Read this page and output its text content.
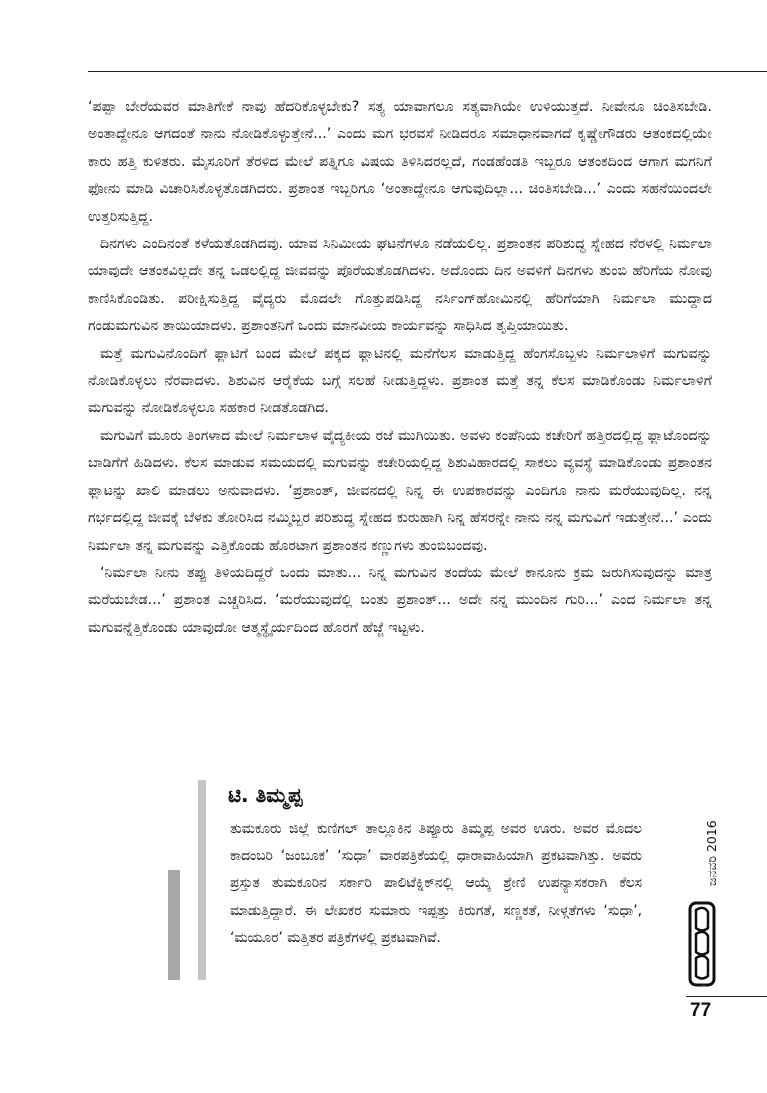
‘ಪಪ್ಪಾ ಬೇರೆಯವರ ಮಾತಿಗೇಕೆ ನಾವು ಹೆದರಿಕೊಳ್ಳಬೇಕು? ಸತ್ಯ ಯಾವಾಗಲೂ ಸತ್ಯವಾಗಿಯೇ ಉಳಿಯುತ್ತದೆ. ನೀವೇನೂ ಚಿಂತಿಸಬೇಡಿ. ಅಂತಾದ್ದೇನೂ ಆಗದಂತೆ ನಾನು ನೋಡಿಕೊಳ್ಳುತ್ತೇನೆ...’ ಎಂದು ಮಗ ಭರವಸೆ ನೀಡಿದರೂ ಸಮಾಧಾನವಾಗದೆ ಕೃಷ್ಣೇಗೌಡರು ಆತಂಕದಲ್ಲಿಯೇ ಕಾರು ಹತ್ತಿ ಕುಳಿತರು. ಮೈಸೂರಿಗೆ ತೆರಳಿದ ಮೇಲೆ ಪತ್ನಿಗೂ ವಿಷಯ ತಿಳಿಸಿದರಲ್ಲದೆ, ಗಂಡಹೆಂಡತಿ ಇಬ್ಬರೂ ಆತಂಕದಿಂದ ಆಗಾಗ ಮಗನಿಗೆ ಫೋನು ಮಾಡಿ ವಿಚಾರಿಸಿಕೊಳ್ಳತೊಡಗಿದರು. ಪ್ರಶಾಂತ ಇಬ್ಬರಿಗೂ ‘ಅಂತಾದ್ದೇನೂ ಆಗುವುದಿಲ್ಲಾ... ಚಿಂತಿಸಬೇಡಿ...’ ಎಂದು ಸಹನೆಯಿಂದಲೇ ಉತ್ತರಿಸುತ್ತಿದ್ದ.

ದಿನಗಳು ಎಂದಿನಂತೆ ಕಳೆಯತೊಡಗಿದವು. ಯಾವ ಸಿನಿಮೀಯ ಘಟನೆಗಳೂ ನಡೆಯಲಿಲ್ಲ. ಪ್ರಶಾಂತನ ಪರಿಶುದ್ಧ ಸ್ನೇಹದ ನೆರಳಲ್ಲಿ ನಿರ್ಮಲಾ ಯಾವುದೇ ಆತಂಕವಿಲ್ಲದೇ ತನ್ನ ಒಡಲಲ್ಲಿದ್ದ ಜೀವವನ್ನು ಪೊರೆಯತೊಡಗಿದಳು. ಅದೊಂದು ದಿನ ಅವಳಿಗೆ ದಿನಗಳು ತುಂಬಿ ಹೆರಿಗೆಯ ನೋವು ಕಾಣಿಸಿಕೊಂಡಿತು. ಪರೀಕ್ಷಿಸುತ್ತಿದ್ದ ವೈದ್ಯರು ಮೊದಲೇ ಗೊತ್ತುಪಡಿಸಿದ್ದ ನರ್ಸಿಂಗ್‌ಹೋಮಿನಲ್ಲಿ ಹೆರಿಗೆಯಾಗಿ ನಿರ್ಮಲಾ ಮುದ್ದಾದ ಗಂಡುಮಗುವಿನ ತಾಯಿಯಾದಳು. ಪ್ರಶಾಂತನಿಗೆ ಒಂದು ಮಾನವೀಯ ಕಾರ್ಯವನ್ನು ಸಾಧಿಸಿದ ತೃಪ್ತಿಯಾಯಿತು.

ಮತ್ತೆ ಮಗುವಿನೊಂದಿಗೆ ಫ್ಲಾಟಿಗೆ ಬಂದ ಮೇಲೆ ಪಕ್ಕದ ಫ್ಲಾಟಿನಲ್ಲಿ ಮನೆಗೆಲಸ ಮಾಡುತ್ತಿದ್ದ ಹೆಂಗಸೊಬ್ಬಳು ನಿರ್ಮಲಾಳಿಗೆ ಮಗುವನ್ನು ನೋಡಿಕೊಳ್ಳಲು ನೆರವಾದಳು. ಶಿಶುವಿನ ಆರೈಕೆಯ ಬಗ್ಗೆ ಸಲಹೆ ನೀಡುತ್ತಿದ್ದಳು. ಪ್ರಶಾಂತ ಮತ್ತೆ ತನ್ನ ಕೆಲಸ ಮಾಡಿಕೊಂಡು ನಿರ್ಮಲಾಳಿಗೆ ಮಗುವನ್ನು ನೋಡಿಕೊಳ್ಳಲೂ ಸಹಕಾರ ನೀಡತೊಡಗಿದ.

ಮಗುವಿಗೆ ಮೂರು ತಿಂಗಳಾದ ಮೇಲೆ ನಿರ್ಮಲಾಳ ವೈದ್ಯಕೀಯ ರಜೆ ಮುಗಿಯಿತು. ಅವಳು ಕಂಪೆನಿಯ ಕಚೇರಿಗೆ ಹತ್ತಿರದಲ್ಲಿದ್ದ ಫ್ಲಾಟೊಂದನ್ನು ಬಾಡಿಗೆಗೆ ಹಿಡಿದಳು. ಕೆಲಸ ಮಾಡುವ ಸಮಯದಲ್ಲಿ ಮಗುವನ್ನು ಕಚೇರಿಯಲ್ಲಿದ್ದ ಶಿಶುವಿಹಾರದಲ್ಲಿ ಸಾಕಲು ವ್ಯವಸ್ಥೆ ಮಾಡಿಕೊಂಡು ಪ್ರಶಾಂತನ ಫ್ಲಾಟನ್ನು ಖಾಲಿ ಮಾಡಲು ಅನುವಾದಳು. ‘ಪ್ರಶಾಂತ್, ಜೀವನದಲ್ಲಿ ನಿನ್ನ ಈ ಉಪಕಾರವನ್ನು ಎಂದಿಗೂ ನಾನು ಮರೆಯುವುದಿಲ್ಲ. ನನ್ನ ಗರ್ಭದಲ್ಲಿದ್ದ ಜೀವಕ್ಕೆ ಬೆಳಕು ತೋರಿಸಿದ ನಮ್ಮಿಬ್ಬರ ಪರಿಶುದ್ಧ ಸ್ನೇಹದ ಕುರುಹಾಗಿ ನಿನ್ನ ಹೆಸರನ್ನೇ ನಾನು ನನ್ನ ಮಗುವಿಗೆ ಇಡುತ್ತೇನೆ...’ ಎಂದು ನಿರ್ಮಲಾ ತನ್ನ ಮಗುವನ್ನು ಎತ್ತಿಕೊಂಡು ಹೊರಟಾಗ ಪ್ರಶಾಂತನ ಕಣ್ಣುಗಳು ತುಂಬಿಬಂದವು.

‘ನಿರ್ಮಲಾ ನೀನು ತಪ್ಪು ತಿಳಿಯದಿದ್ದರೆ ಒಂದು ಮಾತು... ನಿನ್ನ ಮಗುವಿನ ತಂದೆಯ ಮೇಲೆ ಕಾನೂನು ಕ್ರಮ ಜರುಗಿಸುವುದನ್ನು ಮಾತ್ರ ಮರೆಯಬೇಡ...’ ಪ್ರಶಾಂತ ಎಚ್ಚರಿಸಿದ. ‘ಮರೆಯುವುದೆಲ್ಲಿ ಬಂತು ಪ್ರಶಾಂತ್... ಅದೇ ನನ್ನ ಮುಂದಿನ ಗುರಿ...’ ಎಂದ ನಿರ್ಮಲಾ ತನ್ನ ಮಗುವನ್ನೆತ್ತಿಕೊಂಡು ಯಾವುದೋ ಆತ್ಮಸ್ಥೈರ್ಯದಿಂದ ಹೊರಗೆ ಹೆಜ್ಜೆ ಇಟ್ಟಳು.

ಟಿ. ತಿಮ್ಮಪ್ಪ
ತುಮಕೂರು ಜಿಲ್ಲೆ ಕುಣಿಗಲ್ ತಾಲ್ಲೂಕಿನ ತಿಪ್ಪೂರು ತಿಮ್ಮಪ್ಪ ಅವರ ಊರು. ಅವರ ಮೊದಲ ಕಾದಂಬರಿ ‘ಜಂಬೂಕ’ ‘ಸುಧಾ’ ವಾರಪತ್ರಿಕೆಯಲ್ಲಿ ಧಾರಾವಾಹಿಯಾಗಿ ಪ್ರಕಟವಾಗಿತ್ತು. ಅವರು ಪ್ರಸ್ತುತ ತುಮಕೂರಿನ ಸರ್ಕಾರಿ ಪಾಲಿಟೆಕ್ನಿಕ್‌ನಲ್ಲಿ ಆಯ್ಕೆ ಶ್ರೇಣಿ ಉಪನ್ಯಾಸಕರಾಗಿ ಕೆಲಸ ಮಾಡುತ್ತಿದ್ದಾರೆ. ಈ ಲೇಖಕರ ಸುಮಾರು ಇಪ್ಪತ್ತು ಕಿರುಗತೆ, ಸಣ್ಣಕತೆ, ನೀಳ್ಗತೆಗಳು ‘ಸುಧಾ’, ‘ಮಯೂರ’ ಮತ್ತಿತರ ಪತ್ರಿಕೆಗಳಲ್ಲಿ ಪ್ರಕಟವಾಗಿವೆ.
ಮಯೂರ
ಜನವರಿ 2016
77
